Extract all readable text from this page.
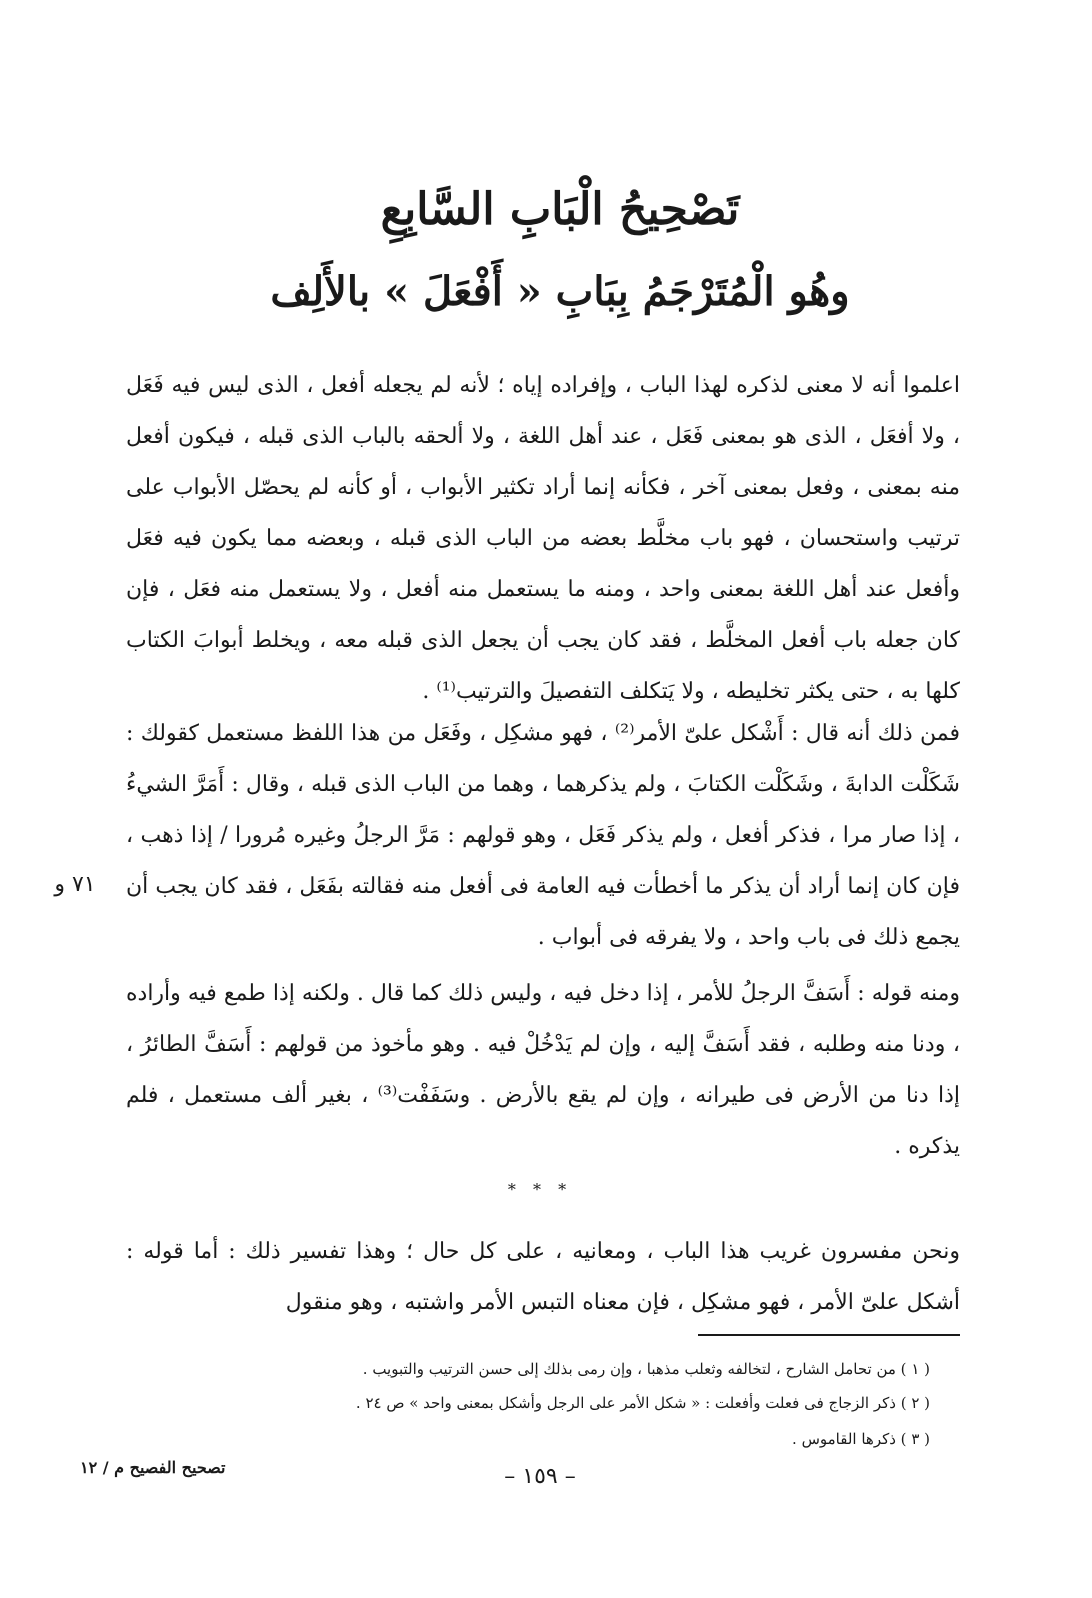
تَصْحِيحُ الْبَابِ السَّابِعِ
وهُو الْمُتَرْجَمُ بِبَابِ « أَفْعَلَ » بالأَلِف

اعلموا أنه لا معنى لذكره لهذا الباب ، وإفراده إياه ؛ لأنه لم يجعله أفعل ، الذى ليس فيه فَعَل ، ولا أفعَل ، الذى هو بمعنى فَعَل ، عند أهل اللغة ، ولا ألحقه بالباب الذى قبله ، فيكون أفعل منه بمعنى ، وفعل بمعنى آخر ، فكأنه إنما أراد تكثير الأبواب ، أو كأنه لم يحصّل الأبواب على ترتيب واستحسان ، فهو باب مخلَّط بعضه من الباب الذى قبله ، وبعضه مما يكون فيه فعَل وأفعل عند أهل اللغة بمعنى واحد ، ومنه ما يستعمل منه أفعل ، ولا يستعمل منه فعَل ، فإن كان جعله باب أفعل المخلَّط ، فقد كان يجب أن يجعل الذى قبله معه ، ويخلط أبوابَ الكتاب كلها به ، حتى يكثر تخليطه ، ولا يَتكلف التفصيلَ والترتيب⁽¹⁾ .

فمن ذلك أنه قال : أَشْكل علىّ الأمر⁽²⁾ ، فهو مشكِل ، وفَعَل من هذا اللفظ مستعمل كقولك : شَكَلْت الدابةَ ، وشَكَلْت الكتابَ ، ولم يذكرهما ، وهما من الباب الذى قبله ، وقال : أَمَرَّ الشيءُ ، إذا صار مرا ، فذكر أفعل ، ولم يذكر فَعَل ، وهو قولهم : مَرَّ الرجلُ وغيره مُرورا / إذا ذهب ، فإن كان إنما أراد أن يذكر ما أخطأت فيه العامة فى أفعل منه فقالته بفَعَل ، فقد كان يجب أن يجمع ذلك فى باب واحد ، ولا يفرقه فى أبواب .

٧١ و

ومنه قوله : أَسَفَّ الرجلُ للأمر ، إذا دخل فيه ، وليس ذلك كما قال . ولكنه إذا طمع فيه وأراده ، ودنا منه وطلبه ، فقد أَسَفَّ إليه ، وإن لم يَدْخُلْ فيه . وهو مأخوذ من قولهم : أَسَفَّ الطائرُ ، إذا دنا من الأرض فى طيرانه ، وإن لم يقع بالأرض . وسَفَفْت⁽³⁾ ، بغير ألف مستعمل ، فلم يذكره .

* * *

ونحن مفسرون غريب هذا الباب ، ومعانيه ، على كل حال ؛ وهذا تفسير ذلك : أما قوله : أشكل علىّ الأمر ، فهو مشكِل ، فإن معناه التبس الأمر واشتبه ، وهو منقول

( ١ ) من تحامل الشارح ، لتخالفه وثعلب مذهبا ، وإن رمى بذلك إلى حسن الترتيب والتبويب .

( ٢ ) ذكر الزجاج فى فعلت وأفعلت : « شكل الأمر على الرجل وأشكل بمعنى واحد » ص ٢٤ .

( ٣ ) ذكرها القاموس .

تصحيح الفصيح م / ١٢	– ١٥٩ –
